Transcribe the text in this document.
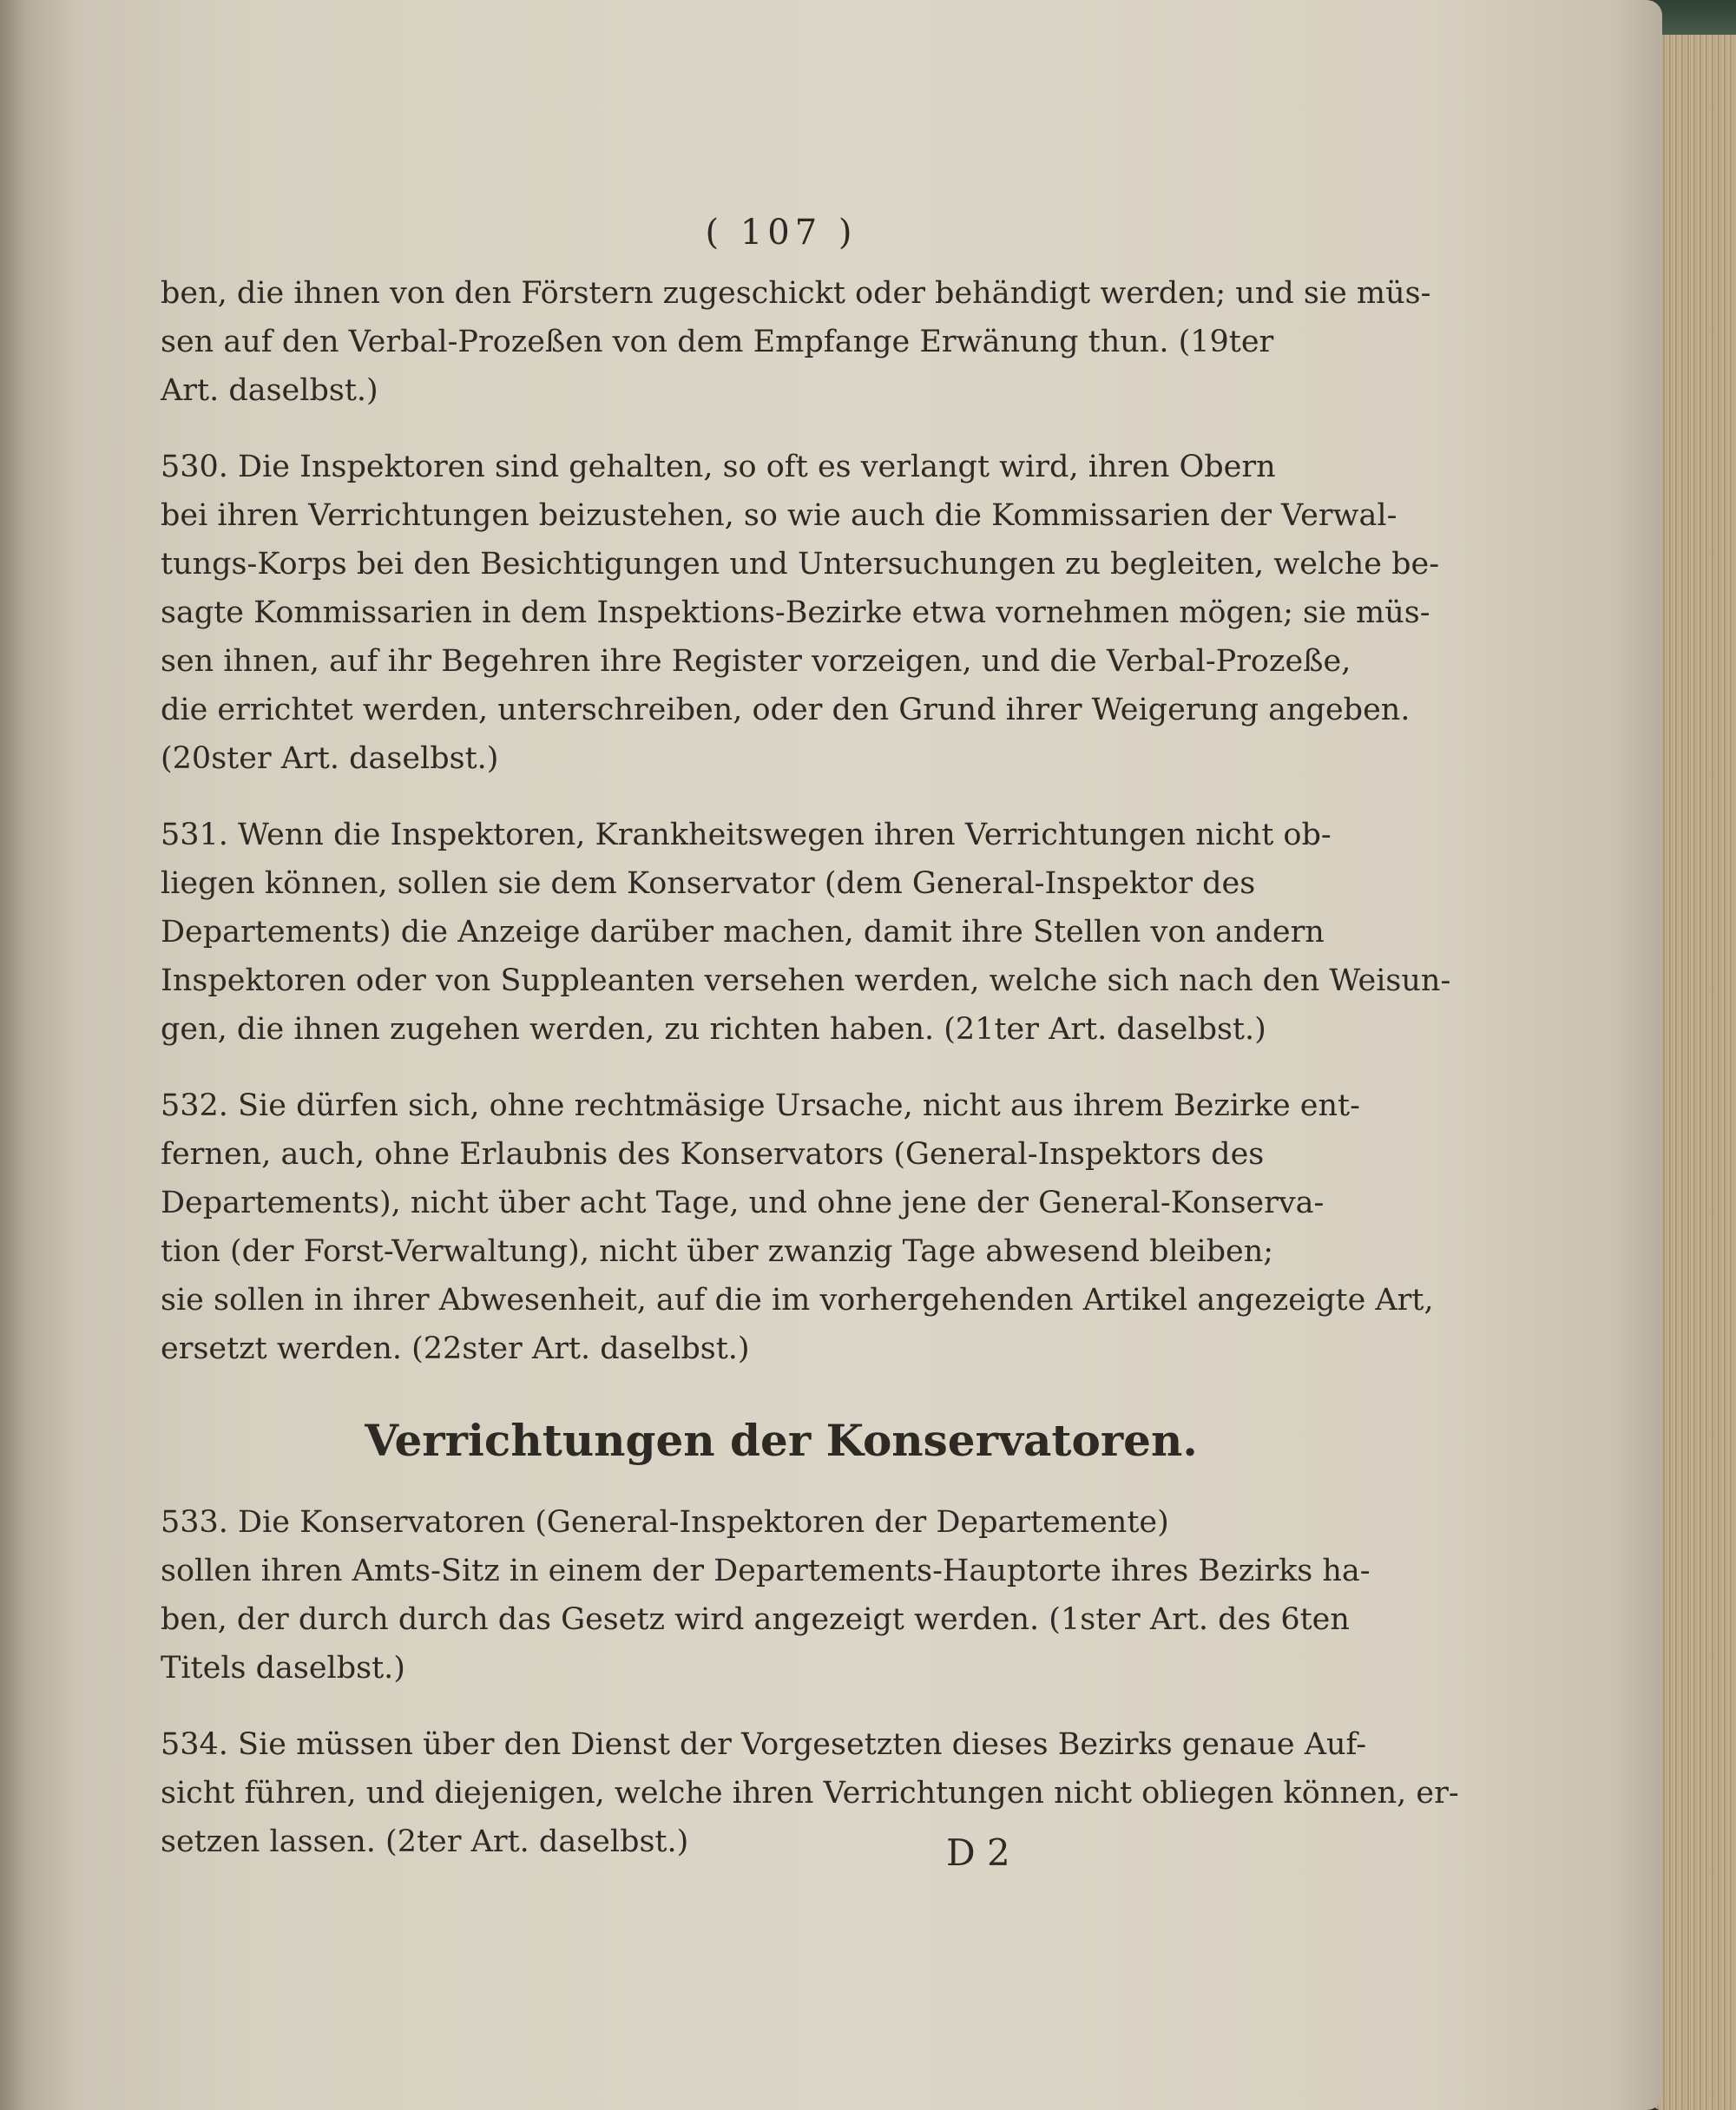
( 107 )
ben, die ihnen von den Förstern zugeschickt oder behändigt werden; und sie müs-
sen auf den Verbal-Prozeßen von dem Empfange Erwänung thun. (19ter
Art. daselbst.)
530. Die Inspektoren sind gehalten, so oft es verlangt wird, ihren Obern
bei ihren Verrichtungen beizustehen, so wie auch die Kommissarien der Verwal-
tungs-Korps bei den Besichtigungen und Untersuchungen zu begleiten, welche be-
sagte Kommissarien in dem Inspektions-Bezirke etwa vornehmen mögen; sie müs-
sen ihnen, auf ihr Begehren ihre Register vorzeigen, und die Verbal-Prozeße,
die errichtet werden, unterschreiben, oder den Grund ihrer Weigerung angeben.
(20ster Art. daselbst.)
531. Wenn die Inspektoren, Krankheitswegen ihren Verrichtungen nicht ob-
liegen können, sollen sie dem Konservator (dem General-Inspektor des
Departements) die Anzeige darüber machen, damit ihre Stellen von andern
Inspektoren oder von Suppleanten versehen werden, welche sich nach den Weisun-
gen, die ihnen zugehen werden, zu richten haben. (21ter Art. daselbst.)
532. Sie dürfen sich, ohne rechtmäsige Ursache, nicht aus ihrem Bezirke ent-
fernen, auch, ohne Erlaubnis des Konservators (General-Inspektors des
Departements), nicht über acht Tage, und ohne jene der General-Konserva-
tion (der Forst-Verwaltung), nicht über zwanzig Tage abwesend bleiben;
sie sollen in ihrer Abwesenheit, auf die im vorhergehenden Artikel angezeigte Art,
ersetzt werden. (22ster Art. daselbst.)
Verrichtungen der Konservatoren.
533. Die Konservatoren (General-Inspektoren der Departemente)
sollen ihren Amts-Sitz in einem der Departements-Hauptorte ihres Bezirks ha-
ben, der durch durch das Gesetz wird angezeigt werden. (1ster Art. des 6ten
Titels daselbst.)
534. Sie müssen über den Dienst der Vorgesetzten dieses Bezirks genaue Auf-
sicht führen, und diejenigen, welche ihren Verrichtungen nicht obliegen können, er-
setzen lassen. (2ter Art. daselbst.)	D 2
